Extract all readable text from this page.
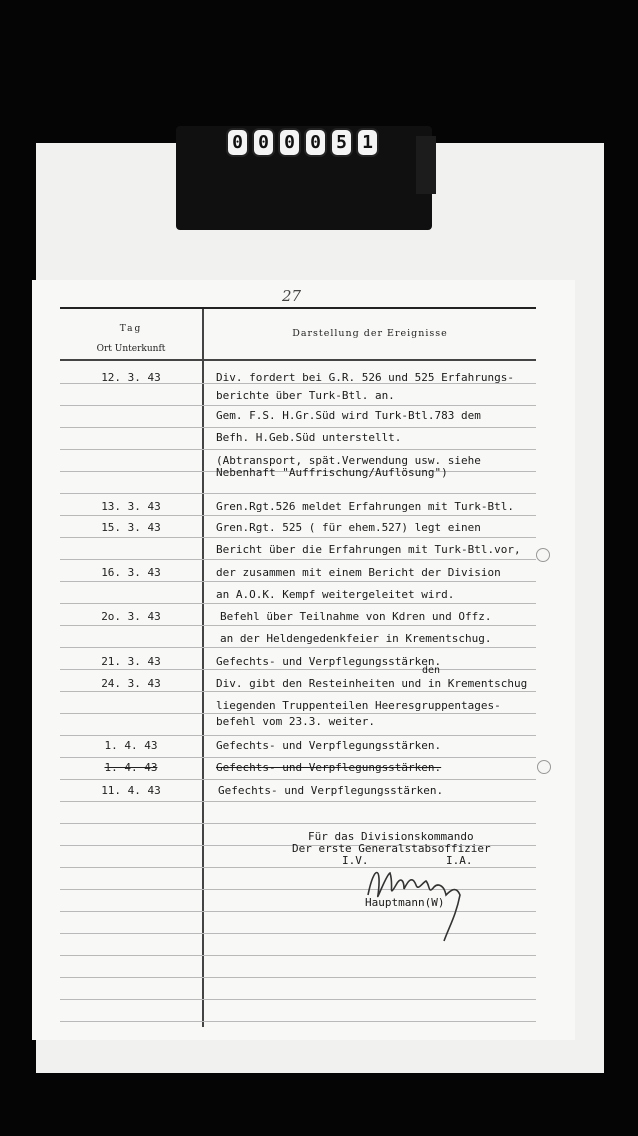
0 0 0 0 5 1
27
Tag
Ort Unterkunft
Darstellung der Ereignisse
12. 3. 43	Div. fordert bei G.R. 526 und 525 Erfahrungs-
berichte über Turk-Btl. an.
Gem. F.S. H.Gr.Süd wird Turk-Btl.783 dem
Befh. H.Geb.Süd unterstellt.
(Abtransport, spät.Verwendung usw. siehe
Nebenhaft "Auffrischung/Auflösung")
13. 3. 43	Gren.Rgt.526 meldet Erfahrungen mit Turk-Btl.
15. 3. 43	Gren.Rgt. 525 ( für ehem.527) legt einen
Bericht über die Erfahrungen mit Turk-Btl.vor,
16. 3. 43	der zusammen mit einem Bericht der Division
an A.O.K. Kempf weitergeleitet wird.
2o. 3. 43	Befehl über Teilnahme von Kdren und Offz.
an der Heldengedenkfeier in Krementschug.
21. 3. 43	Gefechts- und Verpflegungsstärken.
den
24. 3. 43	Div. gibt den Resteinheiten und in Krementschug
liegenden Truppenteilen Heeresgruppentages-
befehl vom 23.3. weiter.
1. 4. 43	Gefechts- und Verpflegungsstärken.
1. 4. 43	Gefechts- und Verpflegungsstärken.
11. 4. 43	Gefechts- und Verpflegungsstärken.
Für das Divisionskommando
Der erste Generalstabsoffizier
I.V.	I.A.
Hauptmann(W)
